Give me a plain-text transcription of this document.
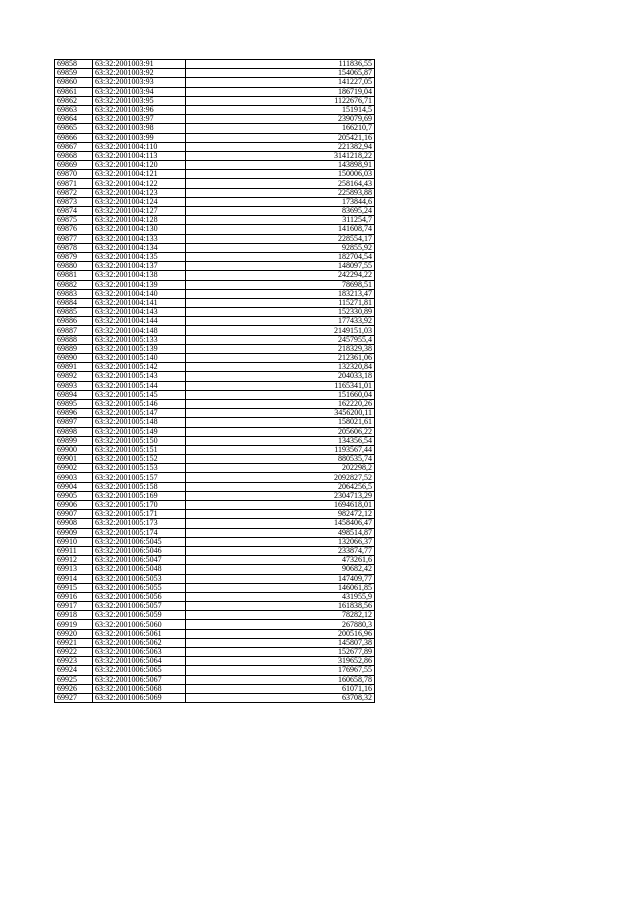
69858	63:32:2001003:91	111836,55
69859	63:32:2001003:92	154065,87
69860	63:32:2001003:93	141227,05
69861	63:32:2001003:94	186719,04
69862	63:32:2001003:95	1122676,71
69863	63:32:2001003:96	151914,5
69864	63:32:2001003:97	239079,69
69865	63:32:2001003:98	166210,7
69866	63:32:2001003:99	205421,16
69867	63:32:2001004:110	221382,94
69868	63:32:2001004:113	3141218,22
69869	63:32:2001004:120	143898,91
69870	63:32:2001004:121	150006,03
69871	63:32:2001004:122	258164,43
69872	63:32:2001004:123	225893,88
69873	63:32:2001004:124	173844,6
69874	63:32:2001004:127	83695,24
69875	63:32:2001004:128	311254,7
69876	63:32:2001004:130	141608,74
69877	63:32:2001004:133	228554,17
69878	63:32:2001004:134	92855,92
69879	63:32:2001004:135	182704,54
69880	63:32:2001004:137	148097,55
69881	63:32:2001004:138	242294,22
69882	63:32:2001004:139	78698,51
69883	63:32:2001004:140	183213,47
69884	63:32:2001004:141	115271,81
69885	63:32:2001004:143	152330,89
69886	63:32:2001004:144	177433,92
69887	63:32:2001004:148	2149151,03
69888	63:32:2001005:133	2457955,4
69889	63:32:2001005:139	218329,38
69890	63:32:2001005:140	212361,06
69891	63:32:2001005:142	132320,84
69892	63:32:2001005:143	204033,18
69893	63:32:2001005:144	1165341,01
69894	63:32:2001005:145	151660,04
69895	63:32:2001005:146	162220,26
69896	63:32:2001005:147	3456200,11
69897	63:32:2001005:148	158021,61
69898	63:32:2001005:149	205606,22
69899	63:32:2001005:150	134356,54
69900	63:32:2001005:151	1193567,44
69901	63:32:2001005:152	880535,74
69902	63:32:2001005:153	202298,2
69903	63:32:2001005:157	2092827,52
69904	63:32:2001005:158	2064256,5
69905	63:32:2001005:169	2304713,29
69906	63:32:2001005:170	1694618,01
69907	63:32:2001005:171	982472,12
69908	63:32:2001005:173	1458406,47
69909	63:32:2001005:174	498514,87
69910	63:32:2001006:5045	132066,37
69911	63:32:2001006:5046	233874,77
69912	63:32:2001006:5047	473261,6
69913	63:32:2001006:5048	90682,42
69914	63:32:2001006:5053	147409,77
69915	63:32:2001006:5055	146061,85
69916	63:32:2001006:5056	431955,9
69917	63:32:2001006:5057	161838,56
69918	63:32:2001006:5059	78282,12
69919	63:32:2001006:5060	267880,3
69920	63:32:2001006:5061	200516,96
69921	63:32:2001006:5062	145807,38
69922	63:32:2001006:5063	152677,89
69923	63:32:2001006:5064	319652,86
69924	63:32:2001006:5065	176967,55
69925	63:32:2001006:5067	160658,78
69926	63:32:2001006:5068	61071,16
69927	63:32:2001006:5069	63708,32
